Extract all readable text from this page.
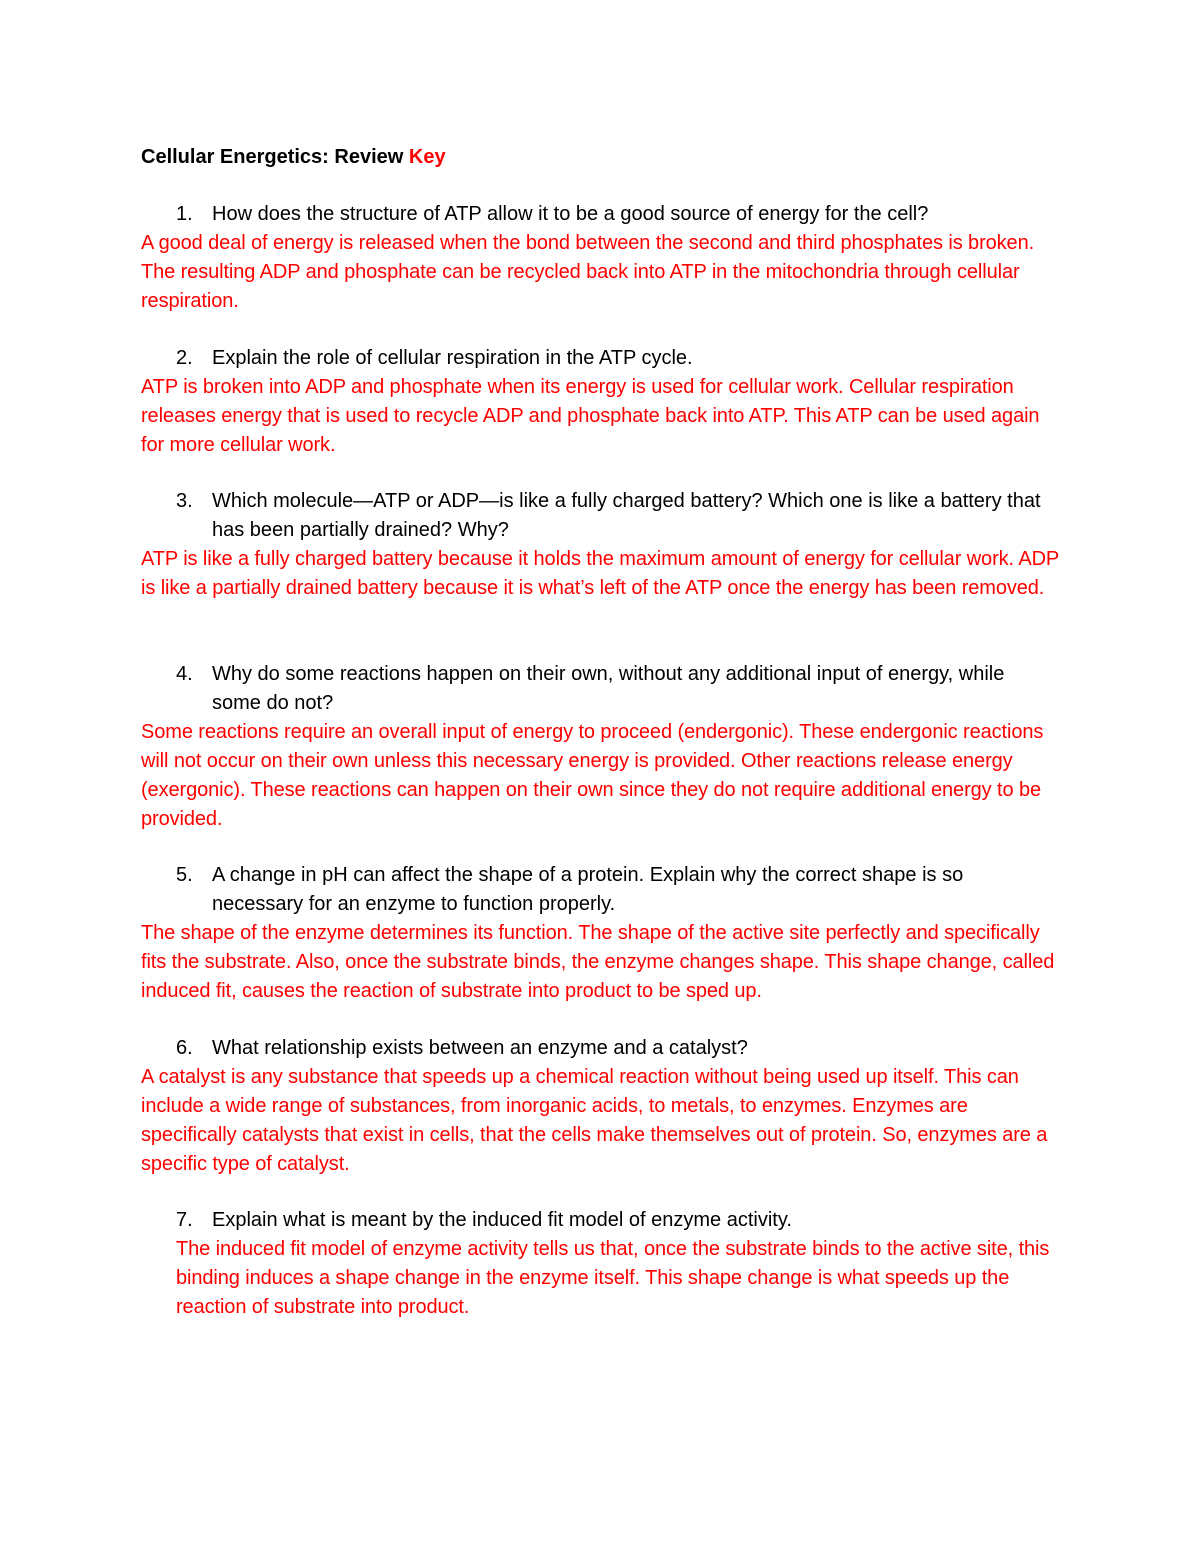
Cellular Energetics: Review Key
1. How does the structure of ATP allow it to be a good source of energy for the cell?
A good deal of energy is released when the bond between the second and third phosphates is broken. The resulting ADP and phosphate can be recycled back into ATP in the mitochondria through cellular respiration.
2. Explain the role of cellular respiration in the ATP cycle.
ATP is broken into ADP and phosphate when its energy is used for cellular work. Cellular respiration releases energy that is used to recycle ADP and phosphate back into ATP. This ATP can be used again for more cellular work.
3. Which molecule—ATP or ADP—is like a fully charged battery? Which one is like a battery that has been partially drained? Why?
ATP is like a fully charged battery because it holds the maximum amount of energy for cellular work. ADP is like a partially drained battery because it is what’s left of the ATP once the energy has been removed.
4. Why do some reactions happen on their own, without any additional input of energy, while some do not?
Some reactions require an overall input of energy to proceed (endergonic). These endergonic reactions will not occur on their own unless this necessary energy is provided. Other reactions release energy (exergonic). These reactions can happen on their own since they do not require additional energy to be provided.
5. A change in pH can affect the shape of a protein. Explain why the correct shape is so necessary for an enzyme to function properly.
The shape of the enzyme determines its function. The shape of the active site perfectly and specifically fits the substrate. Also, once the substrate binds, the enzyme changes shape. This shape change, called induced fit, causes the reaction of substrate into product to be sped up.
6. What relationship exists between an enzyme and a catalyst?
A catalyst is any substance that speeds up a chemical reaction without being used up itself. This can include a wide range of substances, from inorganic acids, to metals, to enzymes. Enzymes are specifically catalysts that exist in cells, that the cells make themselves out of protein. So, enzymes are a specific type of catalyst.
7. Explain what is meant by the induced fit model of enzyme activity.
The induced fit model of enzyme activity tells us that, once the substrate binds to the active site, this binding induces a shape change in the enzyme itself. This shape change is what speeds up the reaction of substrate into product.
